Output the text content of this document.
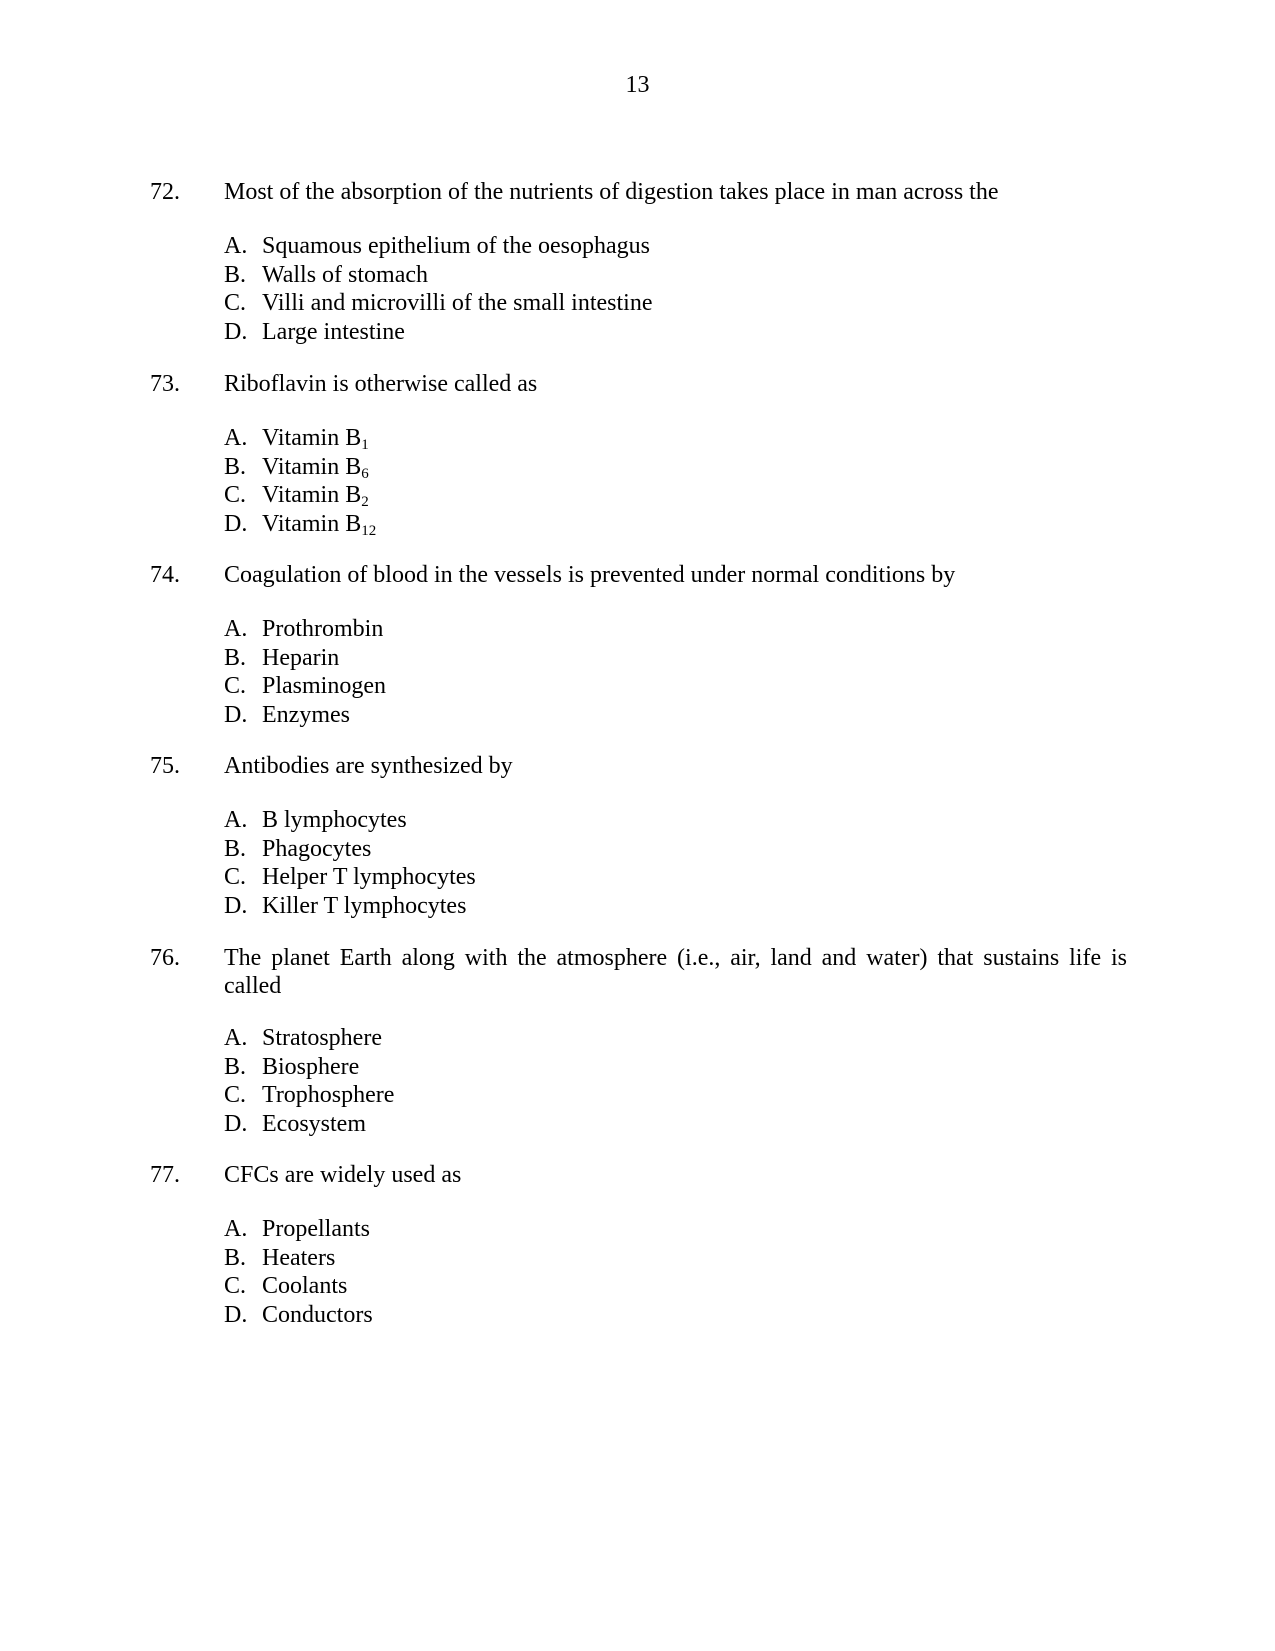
13
72. Most of the absorption of the nutrients of digestion takes place in man across the
A. Squamous epithelium of the oesophagus
B. Walls of stomach
C. Villi and microvilli of the small intestine
D. Large intestine
73. Riboflavin is otherwise called as
A. Vitamin $B_1$
B. Vitamin $B_6$
C. Vitamin $B_2$
D. Vitamin $B_{12}$
74. Coagulation of blood in the vessels is prevented under normal conditions by
A. Prothrombin
B. Heparin
C. Plasminogen
D. Enzymes
75. Antibodies are synthesized by
A. B lymphocytes
B. Phagocytes
C. Helper T lymphocytes
D. Killer T lymphocytes
76. The planet Earth along with the atmosphere (i.e., air, land and water) that sustains life is called
A. Stratosphere
B. Biosphere
C. Trophosphere
D. Ecosystem
77. CFCs are widely used as
A. Propellants
B. Heaters
C. Coolants
D. Conductors
